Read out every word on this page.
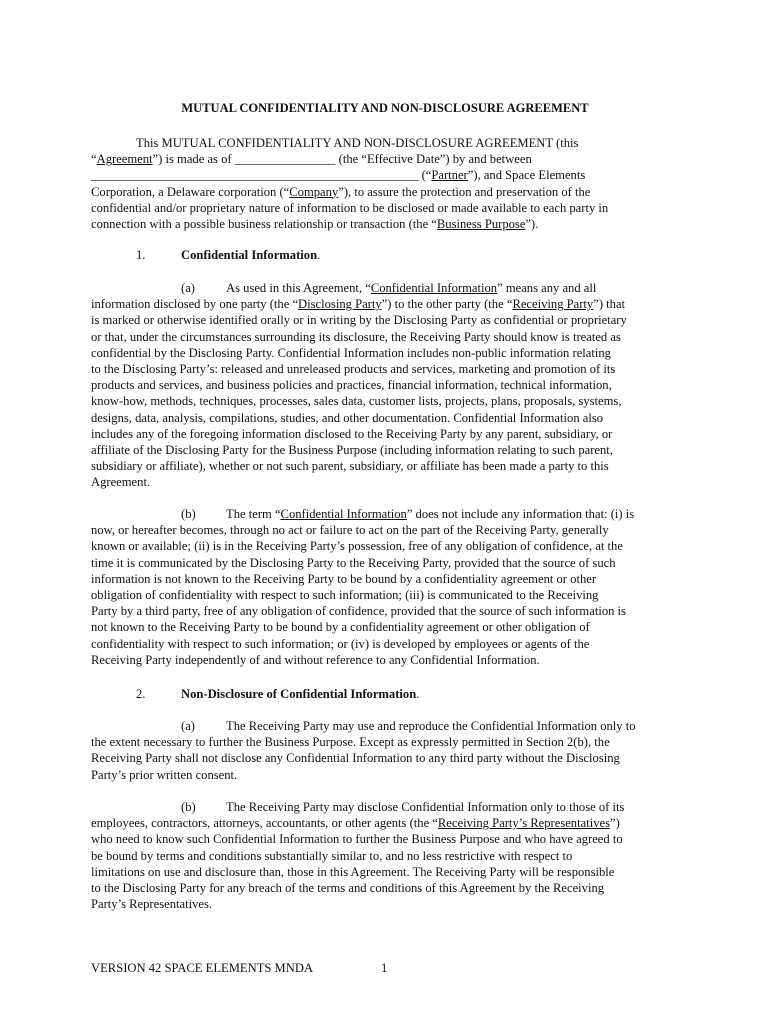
MUTUAL CONFIDENTIALITY AND NON-DISCLOSURE AGREEMENT
This MUTUAL CONFIDENTIALITY AND NON-DISCLOSURE AGREEMENT (this
“Agreement”) is made as of ________________ (the “Effective Date”) by and between
____________________________________________________ (“Partner”), and Space Elements
Corporation, a Delaware corporation (“Company”), to assure the protection and preservation of the
confidential and/or proprietary nature of information to be disclosed or made available to each party in
connection with a possible business relationship or transaction (the “Business Purpose”).
1.	Confidential Information.
(a) As used in this Agreement, “Confidential Information” means any and all
information disclosed by one party (the “Disclosing Party”) to the other party (the “Receiving Party”) that
is marked or otherwise identified orally or in writing by the Disclosing Party as confidential or proprietary
or that, under the circumstances surrounding its disclosure, the Receiving Party should know is treated as
confidential by the Disclosing Party. Confidential Information includes non-public information relating
to the Disclosing Party’s: released and unreleased products and services, marketing and promotion of its
products and services, and business policies and practices, financial information, technical information,
know-how, methods, techniques, processes, sales data, customer lists, projects, plans, proposals, systems,
designs, data, analysis, compilations, studies, and other documentation. Confidential Information also
includes any of the foregoing information disclosed to the Receiving Party by any parent, subsidiary, or
affiliate of the Disclosing Party for the Business Purpose (including information relating to such parent,
subsidiary or affiliate), whether or not such parent, subsidiary, or affiliate has been made a party to this
Agreement.
(b) The term “Confidential Information” does not include any information that: (i) is
now, or hereafter becomes, through no act or failure to act on the part of the Receiving Party, generally
known or available; (ii) is in the Receiving Party’s possession, free of any obligation of confidence, at the
time it is communicated by the Disclosing Party to the Receiving Party, provided that the source of such
information is not known to the Receiving Party to be bound by a confidentiality agreement or other
obligation of confidentiality with respect to such information; (iii) is communicated to the Receiving
Party by a third party, free of any obligation of confidence, provided that the source of such information is
not known to the Receiving Party to be bound by a confidentiality agreement or other obligation of
confidentiality with respect to such information; or (iv) is developed by employees or agents of the
Receiving Party independently of and without reference to any Confidential Information.
2.	Non-Disclosure of Confidential Information.
(a) The Receiving Party may use and reproduce the Confidential Information only to
the extent necessary to further the Business Purpose. Except as expressly permitted in Section 2(b), the
Receiving Party shall not disclose any Confidential Information to any third party without the Disclosing
Party’s prior written consent.
(b) The Receiving Party may disclose Confidential Information only to those of its
employees, contractors, attorneys, accountants, or other agents (the “Receiving Party’s Representatives”)
who need to know such Confidential Information to further the Business Purpose and who have agreed to
be bound by terms and conditions substantially similar to, and no less restrictive with respect to
limitations on use and disclosure than, those in this Agreement. The Receiving Party will be responsible
to the Disclosing Party for any breach of the terms and conditions of this Agreement by the Receiving
Party’s Representatives.
VERSION 42 SPACE ELEMENTS MNDA	1
